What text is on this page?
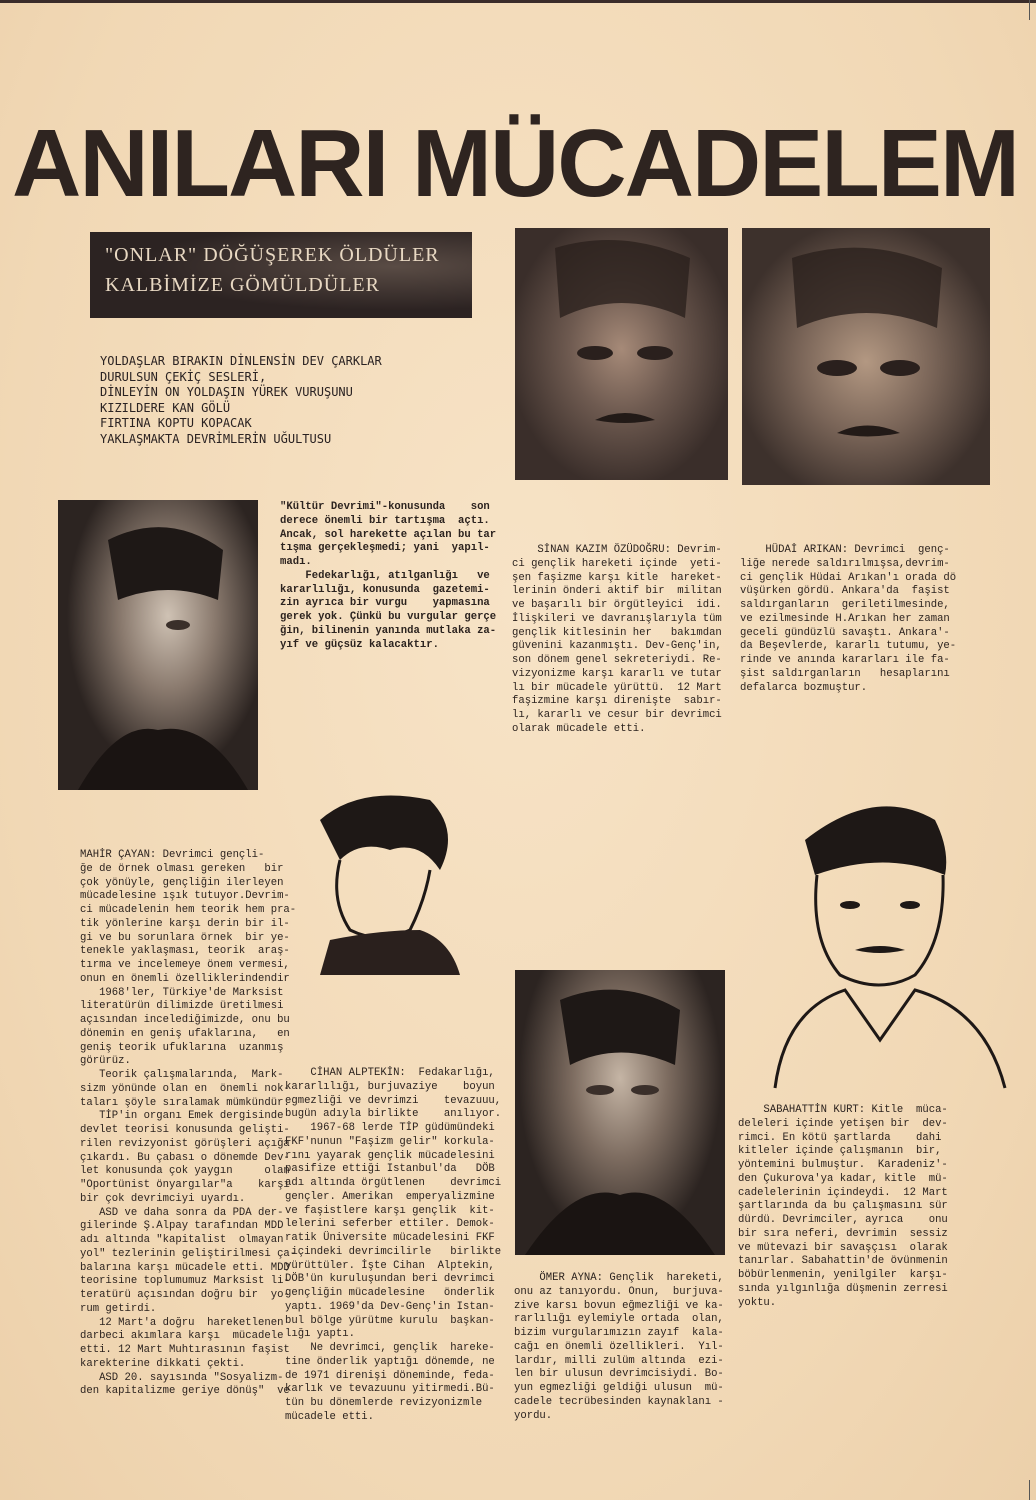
ANILARI MÜCADELEM
"ONLAR" DÖĞÜŞEREK ÖLDÜLER
KALBİMİZE GÖMÜLDÜLER
YOLDAŞLAR BIRAKIN DİNLENSİN DEV ÇARKLAR
DURULSUN ÇEKİÇ SESLERİ,
DİNLEYİN ON YOLDAŞIN YÜREK VURUŞUNU
KIZILDERE KAN GÖLÜ
FIRTINA KOPTU KOPACAK
YAKLAŞMAKTA DEVRİMLERİN UĞULTUSU
"Kültür Devrimi"-konusunda    son
derece önemli bir tartışma  açtı.
Ancak, sol harekette açılan bu tar
tışma gerçekleşmedi; yani  yapıl-
madı.
Fedekarlığı, atılganlığı   ve
kararlılığı, konusunda  gazetemi-
zin ayrıca bir vurgu    yapmasına
gerek yok. Çünkü bu vurgular gerçe
ğin, bilinenin yanında mutlaka za-
yıf ve güçsüz kalacaktır.
SİNAN KAZIM ÖZÜDOĞRU: Devrim-
ci gençlik hareketi içinde  yeti-
şen faşizme karşı kitle  hareket-
lerinin önderi aktif bir  militan
ve başarılı bir örgütleyici  idi.
İlişkileri ve davranışlarıyla tüm
gençlik kitlesinin her   bakımdan
güvenini kazanmıştı. Dev-Genç'in,
son dönem genel sekreteriydi. Re-
vizyonizme karşı kararlı ve tutar
lı bir mücadele yürüttü.  12 Mart
faşizmine karşı direnişte  sabır-
lı, kararlı ve cesur bir devrimci
olarak mücadele etti.
HÜDAİ ARIKAN: Devrimci  genç-
liğe nerede saldırılmışsa,devrim-
ci gençlik Hüdai Arıkan'ı orada dö
vüşürken gördü. Ankara'da  faşist
saldırganların  geriletilmesinde,
ve ezilmesinde H.Arıkan her zaman
geceli gündüzlü savaştı. Ankara'-
da Beşevlerde, kararlı tutumu, ye-
rinde ve anında kararları ile fa-
şist saldırganların   hesaplarını
defalarca bozmuştur.
MAHİR ÇAYAN: Devrimci gençli-
ğe de örnek olması gereken   bir
çok yönüyle, gençliğin ilerleyen
mücadelesine ışık tutuyor.Devrim-
ci mücadelenin hem teorik hem pra-
tik yönlerine karşı derin bir il-
gi ve bu sorunlara örnek  bir ye-
tenekle yaklaşması, teorik  araş-
tırma ve incelemeye önem vermesi,
onun en önemli özelliklerindendir
1968'ler, Türkiye'de Marksist
literatürün dilimizde üretilmesi
açısından incelediğimizde, onu bu
dönemin en geniş ufaklarına,   en
geniş teorik ufuklarına  uzanmış
görürüz.
Teorik çalışmalarında,  Mark-
sizm yönünde olan en  önemli nok-
taları şöyle sıralamak mümkündür.
TİP'in organı Emek dergisinde
devlet teorisi konusunda gelişti-
rilen revizyonist görüşleri açığa
çıkardı. Bu çabası o dönemde Dev-
let konusunda çok yaygın     olan
"Oportünist önyargılar"a    karşı
bir çok devrimciyi uyardı.
ASD ve daha sonra da PDA der-
gilerinde Ş.Alpay tarafından MDD
adı altında "kapitalist  olmayan
yol" tezlerinin geliştirilmesi ça-
balarına karşı mücadele etti. MDD
teorisine toplumumuz Marksist li-
teratürü açısından doğru bir  yo-
rum getirdi.
12 Mart'a doğru  hareketlenen
darbeci akımlara karşı  mücadele
etti. 12 Mart Muhtırasının faşist
karekterine dikkati çekti.
ASD 20. sayısında "Sosyalizm-
den kapitalizme geriye dönüş"  ve
CİHAN ALPTEKİN:  Fedakarlığı,
kararlılığı, burjuvaziye    boyun
egmezliği ve devrimzi    tevazuuu,
bugün adıyla birlikte    anılıyor.
1967-68 lerde TİP güdümündeki
FKF'nunun "Faşizm gelir" korkula-
rını yayarak gençlik mücadelesini
pasifize ettiği Istanbul'da   DÖB
adı altında örgütlenen    devrimci
gençler. Amerikan  emperyalizmine
ve faşistlere karşı gençlik  kit-
lelerini seferber ettiler. Demok-
ratik Üniversite mücadelesini FKF
içindeki devrimcilirle   birlikte
yürüttüler. İşte Cihan  Alptekin,
DÖB'ün kuruluşundan beri devrimci
gençliğin mücadelesine   önderlik
yaptı. 1969'da Dev-Genç'in Istan-
bul bölge yürütme kurulu  başkan-
lığı yaptı.
Ne devrimci, gençlik  hareke-
tine önderlik yaptığı dönemde, ne
de 1971 direnişi döneminde, feda-
karlık ve tevazuunu yitirmedi.Bü-
tün bu dönemlerde revizyonizmle
mücadele etti.
ÖMER AYNA: Gençlik  hareketi,
onu az tanıyordu. Onun,  burjuva-
zive karsı bovun eğmezliği ve ka-
rarlılığı eylemiyle ortada  olan,
bizim vurgularımızın zayıf  kala-
cağı en önemli özellikleri.  Yıl-
lardır, milli zulüm altında  ezi-
len bir ulusun devrimcisiydi. Bo-
yun egmezliği geldiği ulusun  mü-
cadele tecrübesinden kaynaklanı -
yordu.
SABAHATTİN KURT: Kitle  müca-
deleleri içinde yetişen bir  dev-
rimci. En kötü şartlarda    dahi
kitleler içinde çalışmanın  bir,
yöntemini bulmuştur.  Karadeniz'-
den Çukurova'ya kadar, kitle  mü-
cadelelerinin içindeydi.  12 Mart
şartlarında da bu çalışmasını sür
dürdü. Devrimciler, ayrıca    onu
bir sıra neferi, devrimin  sessiz
ve mütevazi bir savaşçısı  olarak
tanırlar. Sabahattin'de övünmenin
böbürlenmenin, yenilgiler  karşı-
sında yılgınlığa düşmenin zerresi
yoktu.
